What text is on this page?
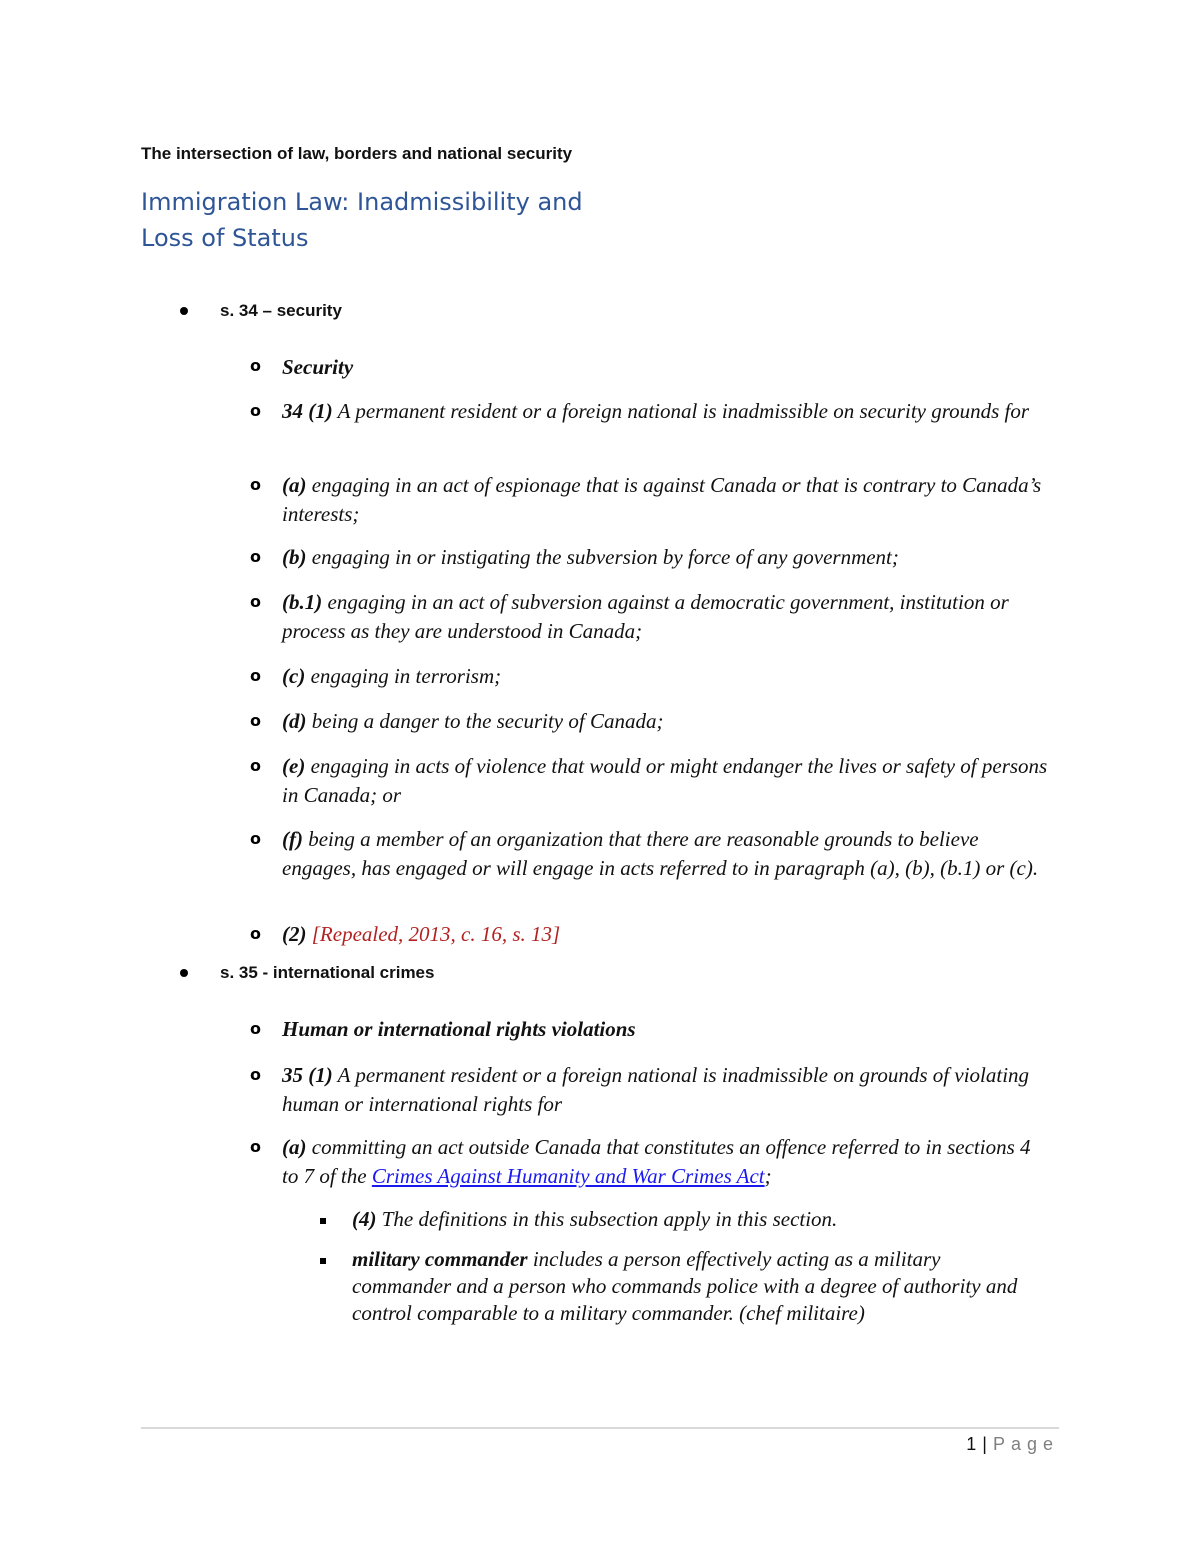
The intersection of law, borders and national security
Immigration Law: Inadmissibility and
Loss of Status
s. 34 – security
o Security
o 34 (1) A permanent resident or a foreign national is inadmissible on security grounds for
o (a) engaging in an act of espionage that is against Canada or that is contrary to Canada’s interests;
o (b) engaging in or instigating the subversion by force of any government;
o (b.1) engaging in an act of subversion against a democratic government, institution or process as they are understood in Canada;
o (c) engaging in terrorism;
o (d) being a danger to the security of Canada;
o (e) engaging in acts of violence that would or might endanger the lives or safety of persons in Canada; or
o (f) being a member of an organization that there are reasonable grounds to believe engages, has engaged or will engage in acts referred to in paragraph (a), (b), (b.1) or (c).
o (2) [Repealed, 2013, c. 16, s. 13]
s. 35 - international crimes
o Human or international rights violations
o 35 (1) A permanent resident or a foreign national is inadmissible on grounds of violating human or international rights for
o (a) committing an act outside Canada that constitutes an offence referred to in sections 4 to 7 of the Crimes Against Humanity and War Crimes Act;
(4) The definitions in this subsection apply in this section.
military commander includes a person effectively acting as a military commander and a person who commands police with a degree of authority and control comparable to a military commander. (chef militaire)
1 | Page
